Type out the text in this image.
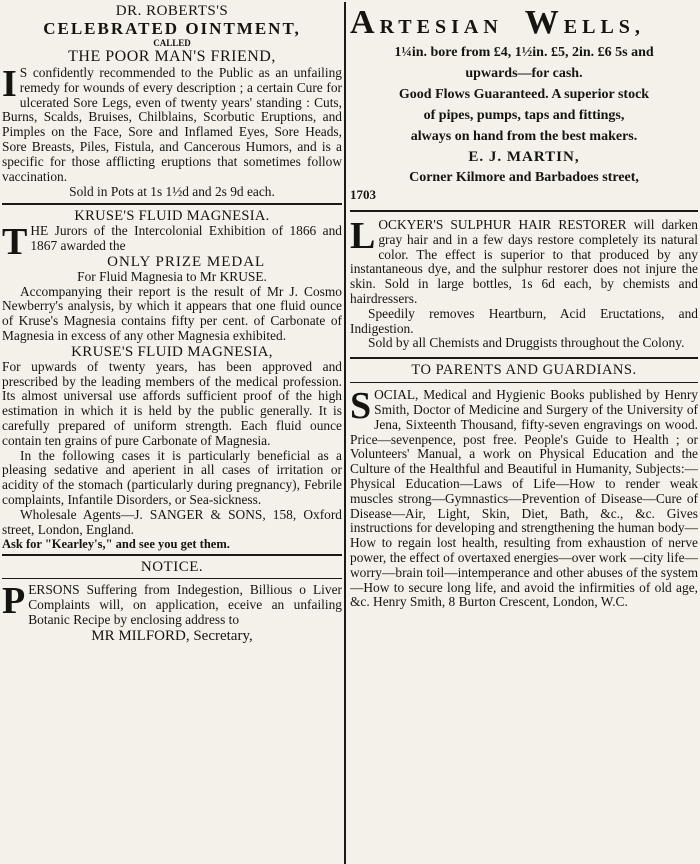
DR. ROBERTS'S

CELEBRATED OINTMENT,

CALLED

THE POOR MAN'S FRIEND,

I S confidently recommended to the Public as an unfailing remedy for wounds of every description ; a certain Cure for ulcerated Sore Legs, even of twenty years' standing : Cuts, Burns, Scalds, Bruises, Chilblains, Scorbutic Eruptions, and Pimples on the Face, Sore and Inflamed Eyes, Sore Heads, Sore Breasts, Piles, Fistula, and Cancerous Humors, and is a specific for those afflicting eruptions that sometimes follow vaccination.

Sold in Pots at 1s 1½d and 2s 9d each.

KRUSE'S FLUID MAGNESIA.

THE Jurors of the Intercolonial Exhibition of 1866 and 1867 awarded the

ONLY PRIZE MEDAL

For Fluid Magnesia to Mr KRUSE.

Accompanying their report is the result of Mr J. Cosmo Newberry's analysis, by which it appears that one fluid ounce of Kruse's Magnesia contains fifty per cent. of Carbonate of Magnesia in excess of any other Magnesia exhibited.

KRUSE'S FLUID MAGNESIA,

For upwards of twenty years, has been approved and prescribed by the leading members of the medical profession. Its almost universal use affords sufficient proof of the high estimation in which it is held by the public generally. It is carefully prepared of uniform strength. Each fluid ounce contain ten grains of pure Carbonate of Magnesia.

In the following cases it is particularly beneficial as a pleasing sedative and aperient in all cases of irritation or acidity of the stomach (particularly during pregnancy), Febrile complaints, Infantile Disorders, or Sea-sickness.

Wholesale Agents—J. SANGER & SONS, 158, Oxford street, London, England.

Ask for "Kearley's," and see you get them.

NOTICE.

PERSONS Suffering from Indegestion, Billious o Liver Complaints will, on application, eceive an unfailing Botanic Recipe by enclosing address to

MR MILFORD, Secretary,

ARTESIAN WELLS,

1¼in. bore from £4, 1½in. £5, 2in. £6 5s and

upwards—for cash.

Good Flows Guaranteed. A superior stock

of pipes, pumps, taps and fittings,

always on hand from the best makers.

E. J. MARTIN,

Corner Kilmore and Barbadoes street,

1703

LOCKYER'S SULPHUR HAIR RESTORER will darken gray hair and in a few days restore completely its natural color. The effect is superior to that produced by any instantaneous dye, and the sulphur restorer does not injure the skin. Sold in large bottles, 1s 6d each, by chemists and hairdressers.

Speedily removes Heartburn, Acid Eructations, and Indigestion.

Sold by all Chemists and Druggists throughout the Colony.

TO PARENTS AND GUARDIANS.

SOCIAL, Medical and Hygienic Books published by Henry Smith, Doctor of Medicine and Surgery of the University of Jena, Sixteenth Thousand, fifty-seven engravings on wood. Price—sevenpence, post free. People's Guide to Health ; or Volunteers' Manual, a work on Physical Education and the Culture of the Healthful and Beautiful in Humanity, Subjects:—Physical Education—Laws of Life—How to render weak muscles strong—Gymnastics—Prevention of Disease—Cure of Disease—Air, Light, Skin, Diet, Bath, &c., &c. Gives instructions for developing and strengthening the human body—How to regain lost health, resulting from exhaustion of nerve power, the effect of overtaxed energies—over work —city life—worry—brain toil—intemperance and other abuses of the system—How to secure long life, and avoid the infirmities of old age, &c. Henry Smith, 8 Burton Crescent, London, W.C.
